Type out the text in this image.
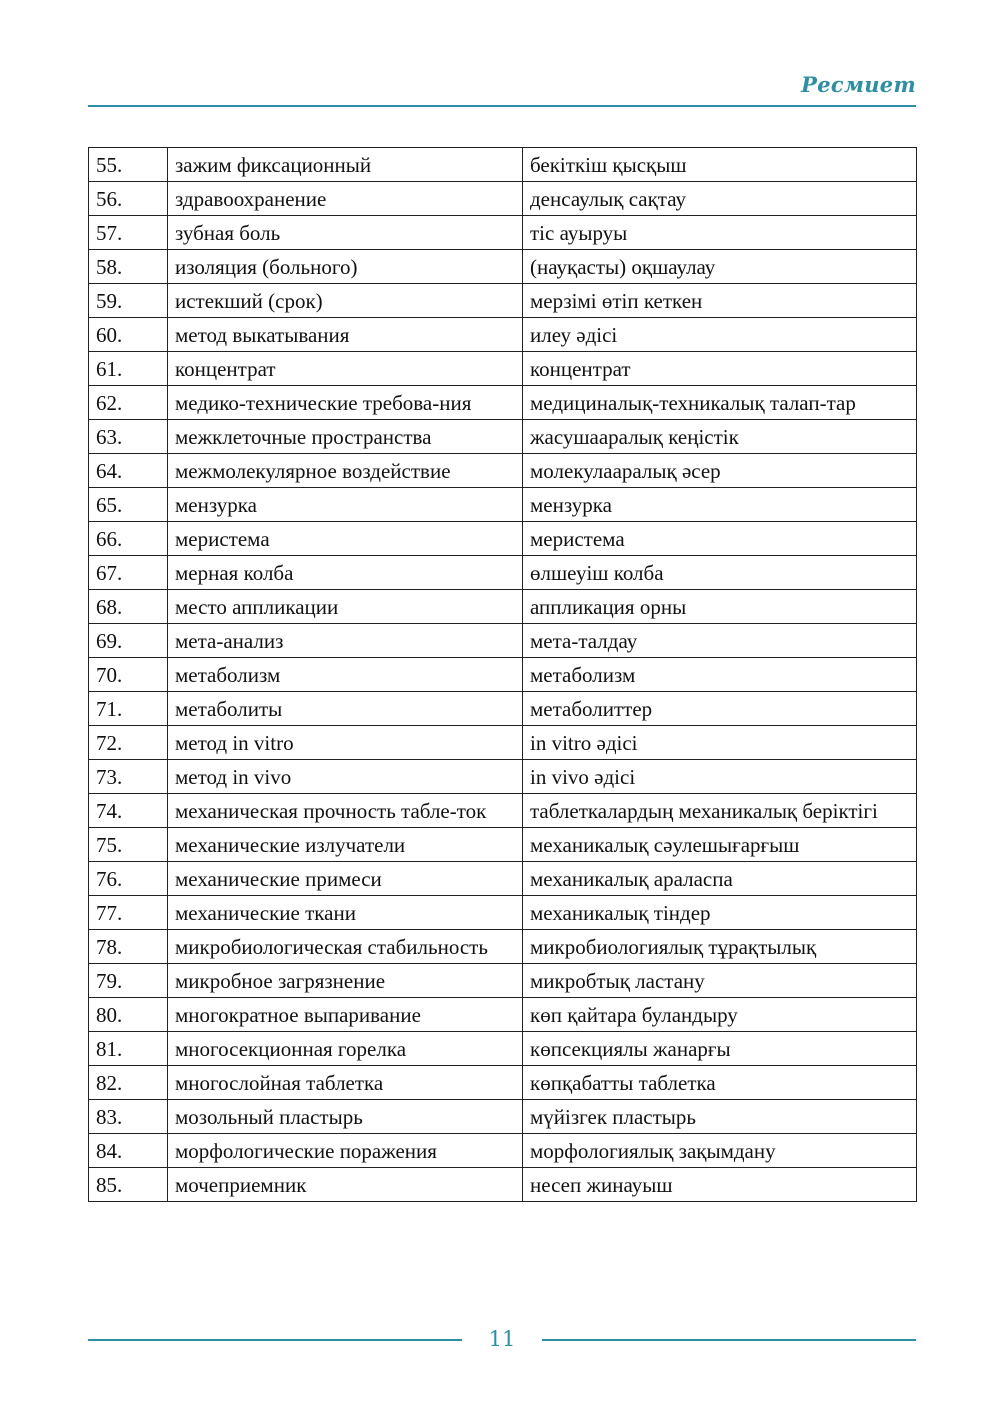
Ресмиет
55.	зажим фиксационный	бекіткіш қысқыш
56.	здравоохранение	денсаулық сақтау
57.	зубная боль	тіс ауыруы
58.	изоляция (больного)	(науқасты) оқшаулау
59.	истекший (срок)	мерзімі өтіп кеткен
60.	метод выкатывания	илеу әдісі
61.	концентрат	концентрат
62.	медико-технические требова-ния	медициналық-техникалық талап-тар
63.	межклеточные пространства	жасушааралық кеңістік
64.	межмолекулярное воздействие	молекулааралық әсер
65.	мензурка	мензурка
66.	меристема	меристема
67.	мерная колба	өлшеуіш колба
68.	место аппликации	аппликация орны
69.	мета-анализ	мета-талдау
70.	метаболизм	метаболизм
71.	метаболиты	метаболиттер
72.	метод in vitro	in vitro әдісі
73.	метод in vivo	in vivo әдісі
74.	механическая прочность табле-ток	таблеткалардың механикалық беріктігі
75.	механические излучатели	механикалық сәулешығарғыш
76.	механические примеси	механикалық араласпа
77.	механические ткани	механикалық тіндер
78.	микробиологическая стабильность	микробиологиялық тұрақтылық
79.	микробное загрязнение	микробтық ластану
80.	многократное выпаривание	көп қайтара буландыру
81.	многосекционная горелка	көпсекциялы жанарғы
82.	многослойная таблетка	көпқабатты таблетка
83.	мозольный пластырь	мүйізгек пластырь
84.	морфологические поражения	морфологиялық зақымдану
85.	мочеприемник	несеп жинауыш
11
